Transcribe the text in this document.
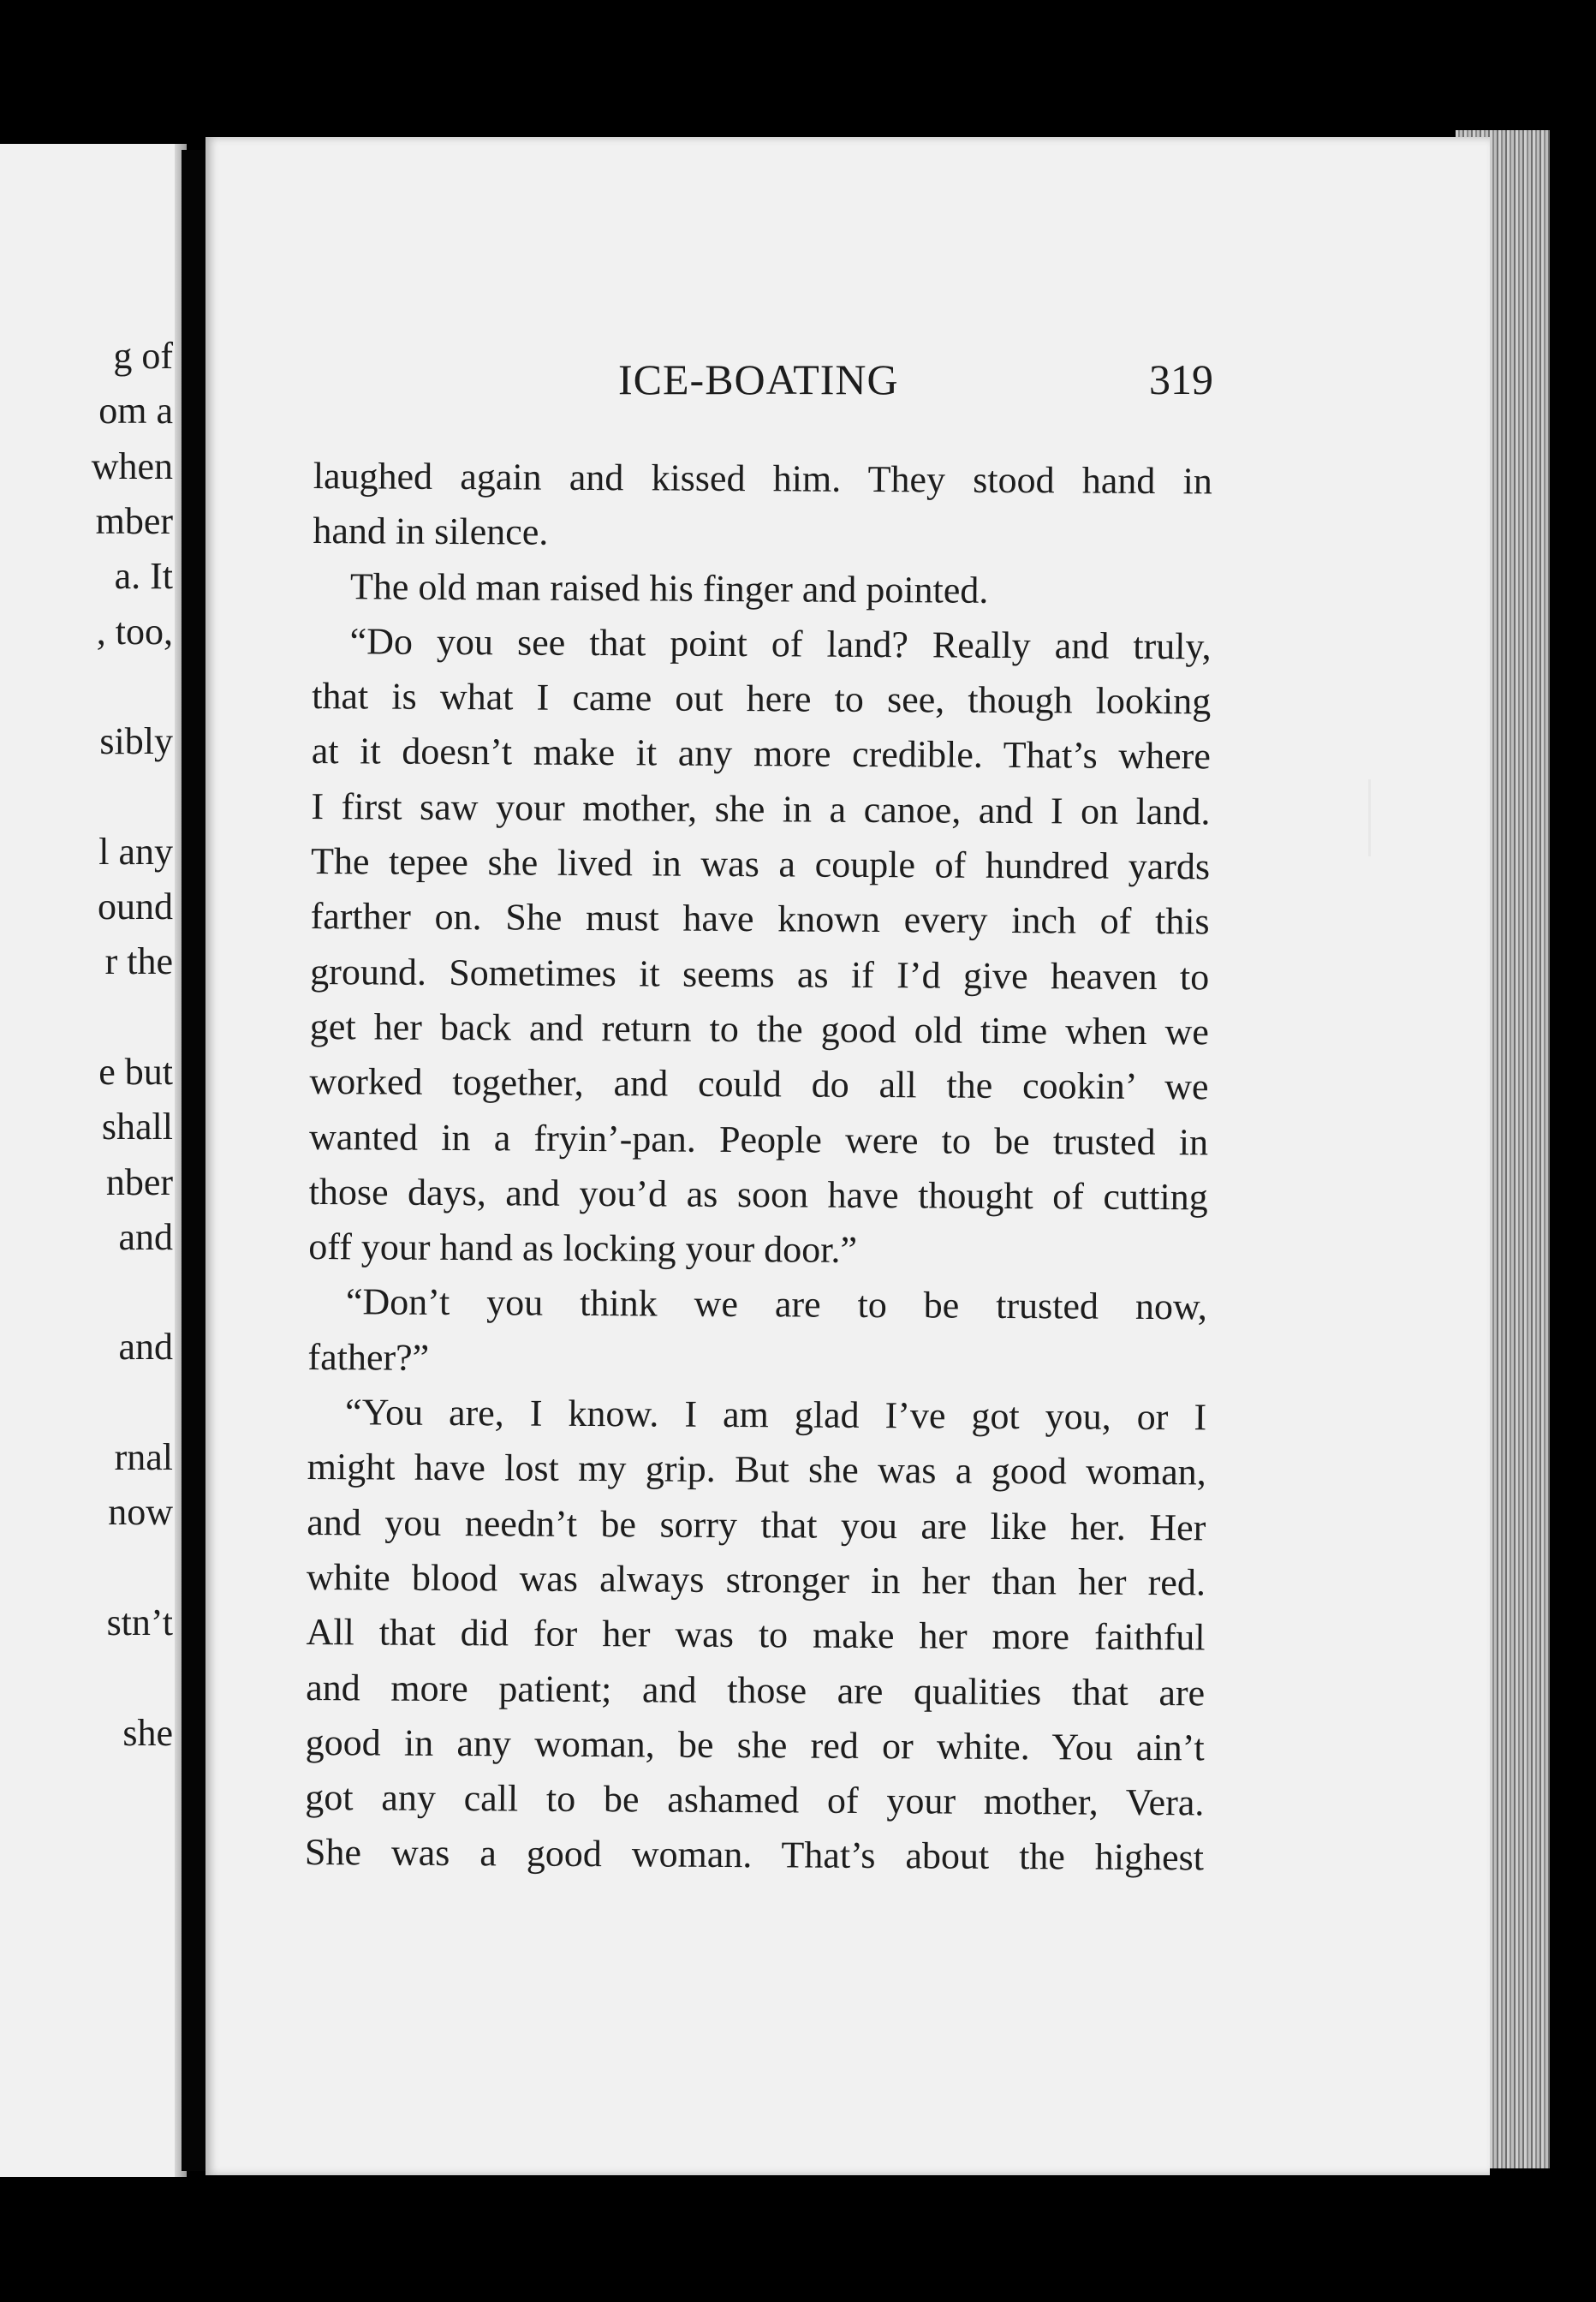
g of
om a
when
mber
a. It
, too,
sibly
l any
ound
r the
e but
shall
nber
and
and
rnal
now
stn’t
she
ICE-BOATING	319
laughed again and kissed him. They stood hand in
hand in silence.
The old man raised his finger and pointed.
“Do you see that point of land? Really and truly,
that is what I came out here to see, though looking
at it doesn’t make it any more credible. That’s where
I first saw your mother, she in a canoe, and I on land.
The tepee she lived in was a couple of hundred yards
farther on. She must have known every inch of this
ground. Sometimes it seems as if I’d give heaven to
get her back and return to the good old time when we
worked together, and could do all the cookin’ we
wanted in a fryin’-pan. People were to be trusted in
those days, and you’d as soon have thought of cutting
off your hand as locking your door.”
“Don’t you think we are to be trusted now,
father?”
“You are, I know. I am glad I’ve got you, or I
might have lost my grip. But she was a good woman,
and you needn’t be sorry that you are like her. Her
white blood was always stronger in her than her red.
All that did for her was to make her more faithful
and more patient; and those are qualities that are
good in any woman, be she red or white. You ain’t
got any call to be ashamed of your mother, Vera.
She was a good woman. That’s about the highest
